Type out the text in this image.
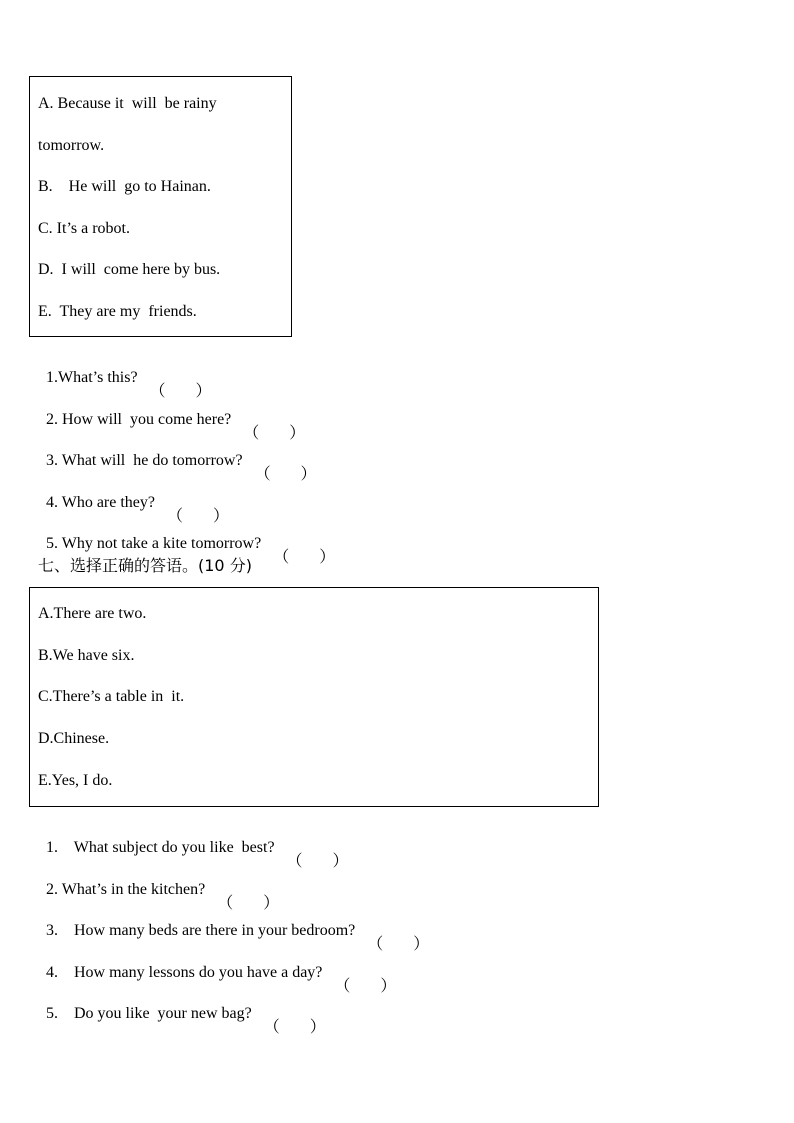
A. Because it  will  be rainy
tomorrow.
B.    He will  go to Hainan.
C. It’s a robot.
D.  I will  come here by bus.
E.  They are my  friends.

1.What’s this?
（ ）

2. How will  you come here?
（ ）

3. What will  he do tomorrow?
（ ）

4. Who are they?
（ ）

5. Why not take a kite tomorrow?
（ ）

七、选择正确的答语。(10 分)
A.There are two.
B.We have six.
C.There’s a table in  it.
D.Chinese.
E.Yes, I do.

1.    What subject do you like  best?
（ ）

2. What’s in the kitchen?
（ ）

3.    How many beds are there in your bedroom?
（ ）

4.    How many lessons do you have a day?
（ ）

5.    Do you like  your new bag?
（ ）
